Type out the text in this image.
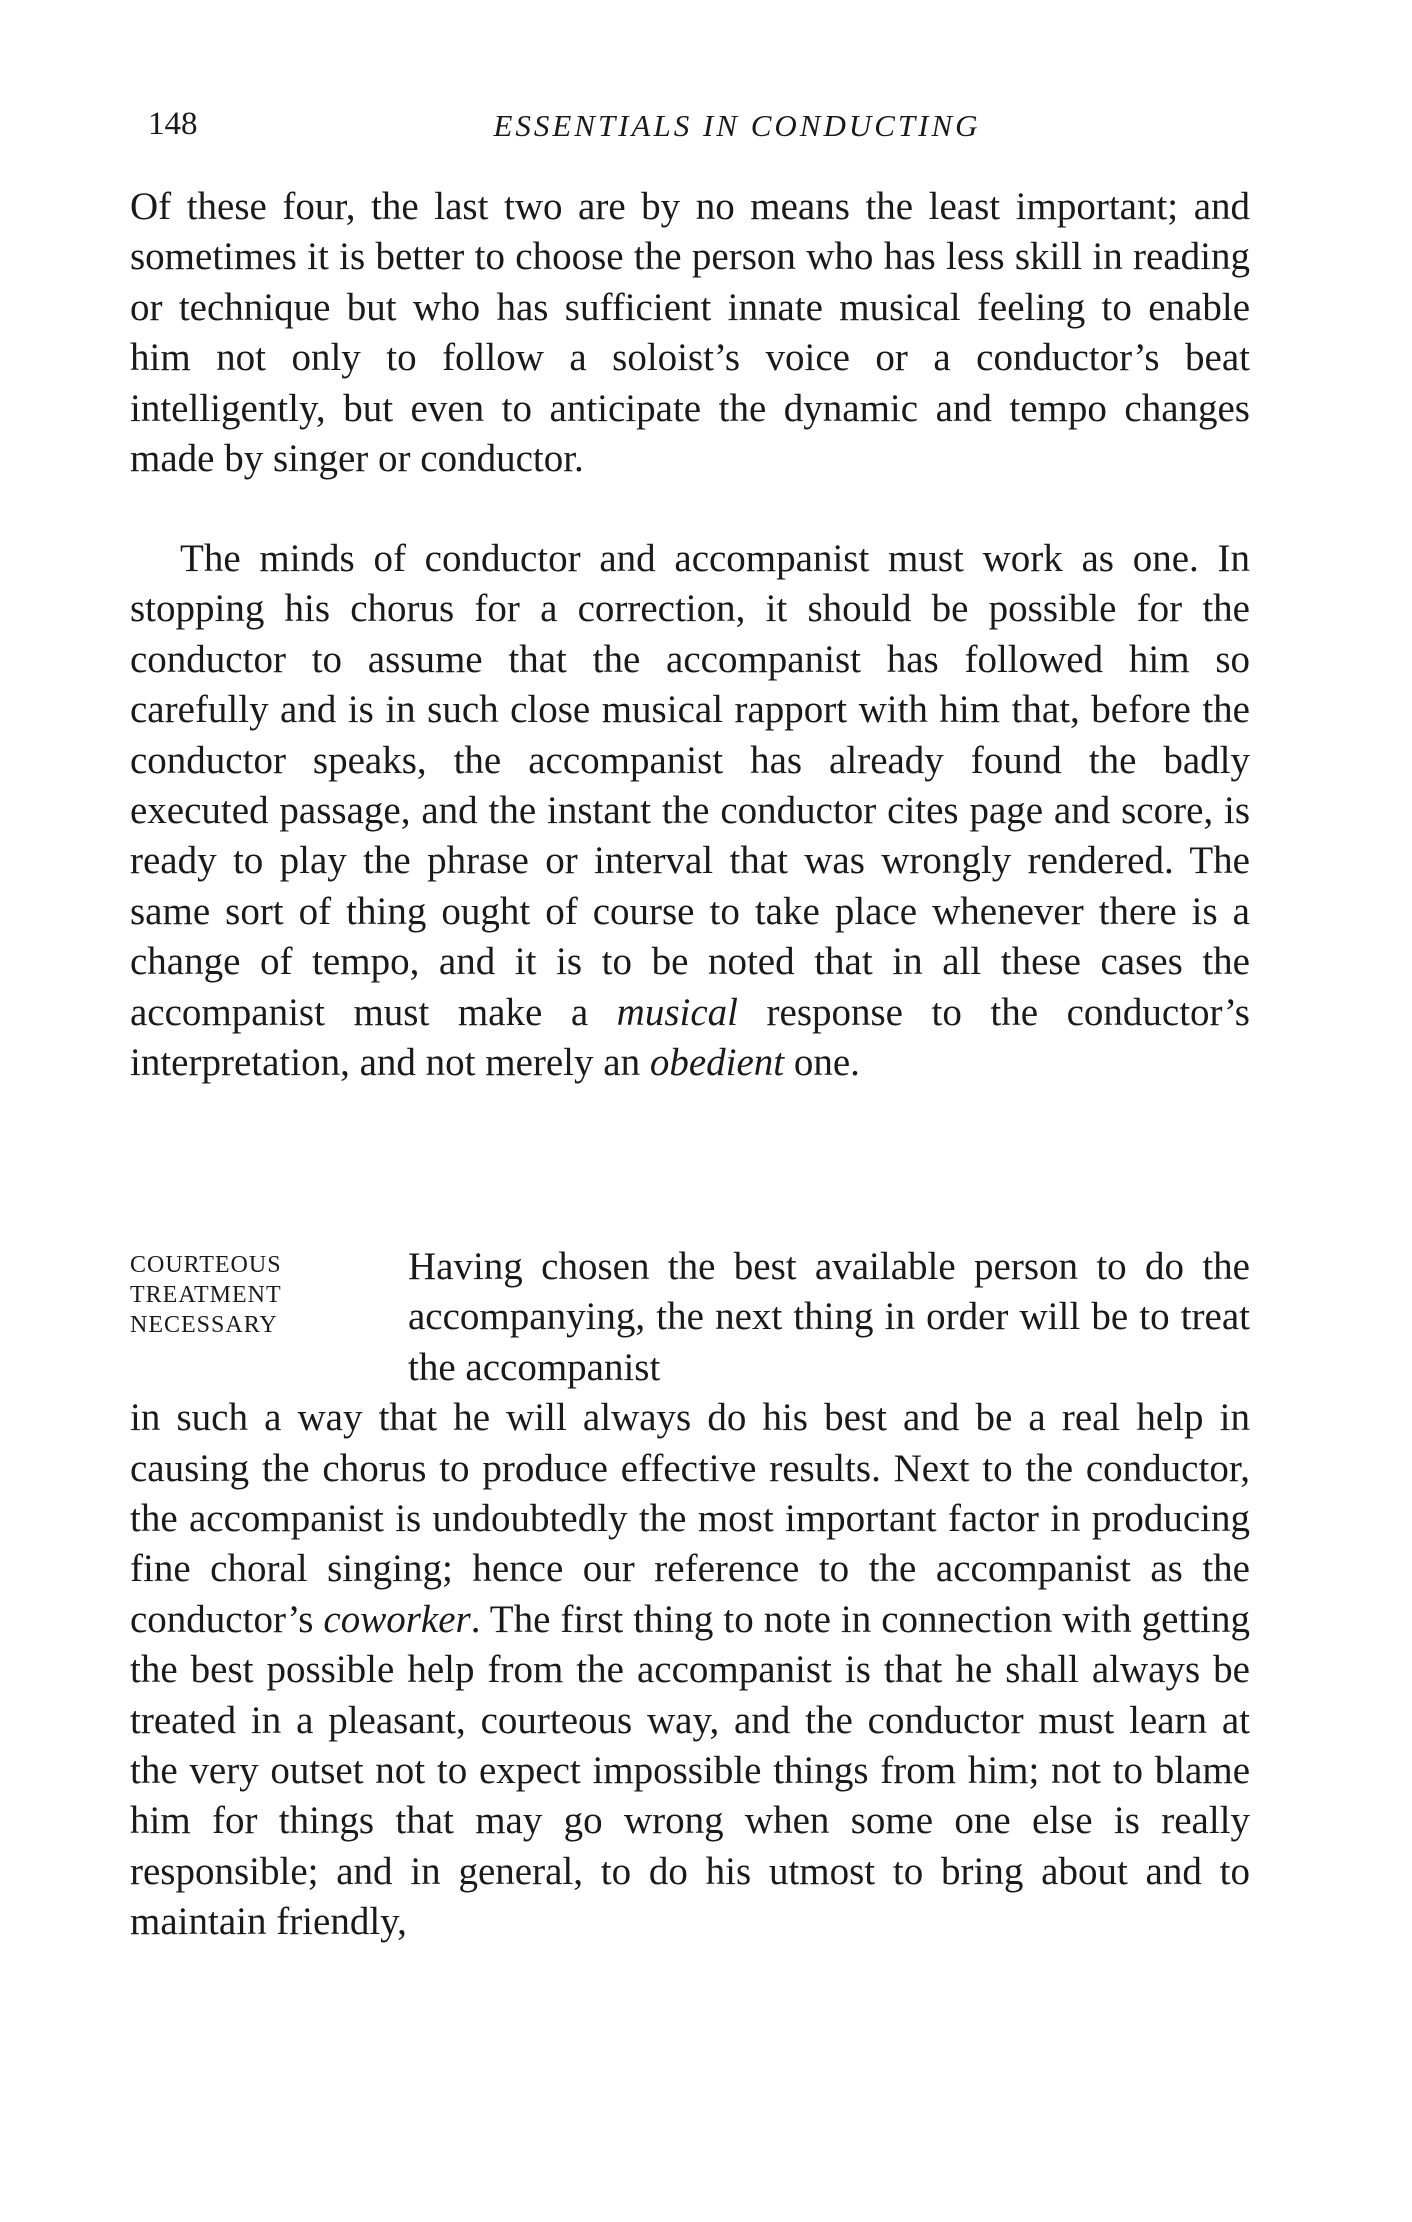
148	ESSENTIALS IN CONDUCTING

Of these four, the last two are by no means the least important; and sometimes it is better to choose the person who has less skill in reading or technique but who has sufficient innate musical feeling to enable him not only to follow a soloist’s voice or a conductor’s beat intelligently, but even to anticipate the dynamic and tempo changes made by singer or conductor.

The minds of conductor and accompanist must work as one. In stopping his chorus for a correction, it should be possible for the conductor to assume that the accompanist has followed him so carefully and is in such close musical rapport with him that, before the conductor speaks, the accompanist has already found the badly executed passage, and the instant the conductor cites page and score, is ready to play the phrase or interval that was wrongly rendered. The same sort of thing ought of course to take place whenever there is a change of tempo, and it is to be noted that in all these cases the accompanist must make a musical response to the conductor’s interpretation, and not merely an obedient one.

COURTEOUS
TREATMENT
NECESSARY

Having chosen the best available person to do the accompanying, the next thing in order will be to treat the accompanist

in such a way that he will always do his best and be a real help in causing the chorus to produce effective results. Next to the conductor, the accompanist is undoubtedly the most important factor in producing fine choral singing; hence our reference to the accompanist as the conductor’s coworker. The first thing to note in connection with getting the best possible help from the accompanist is that he shall always be treated in a pleasant, courteous way, and the conductor must learn at the very outset not to expect impossible things from him; not to blame him for things that may go wrong when some one else is really responsible; and in general, to do his utmost to bring about and to maintain friendly,
